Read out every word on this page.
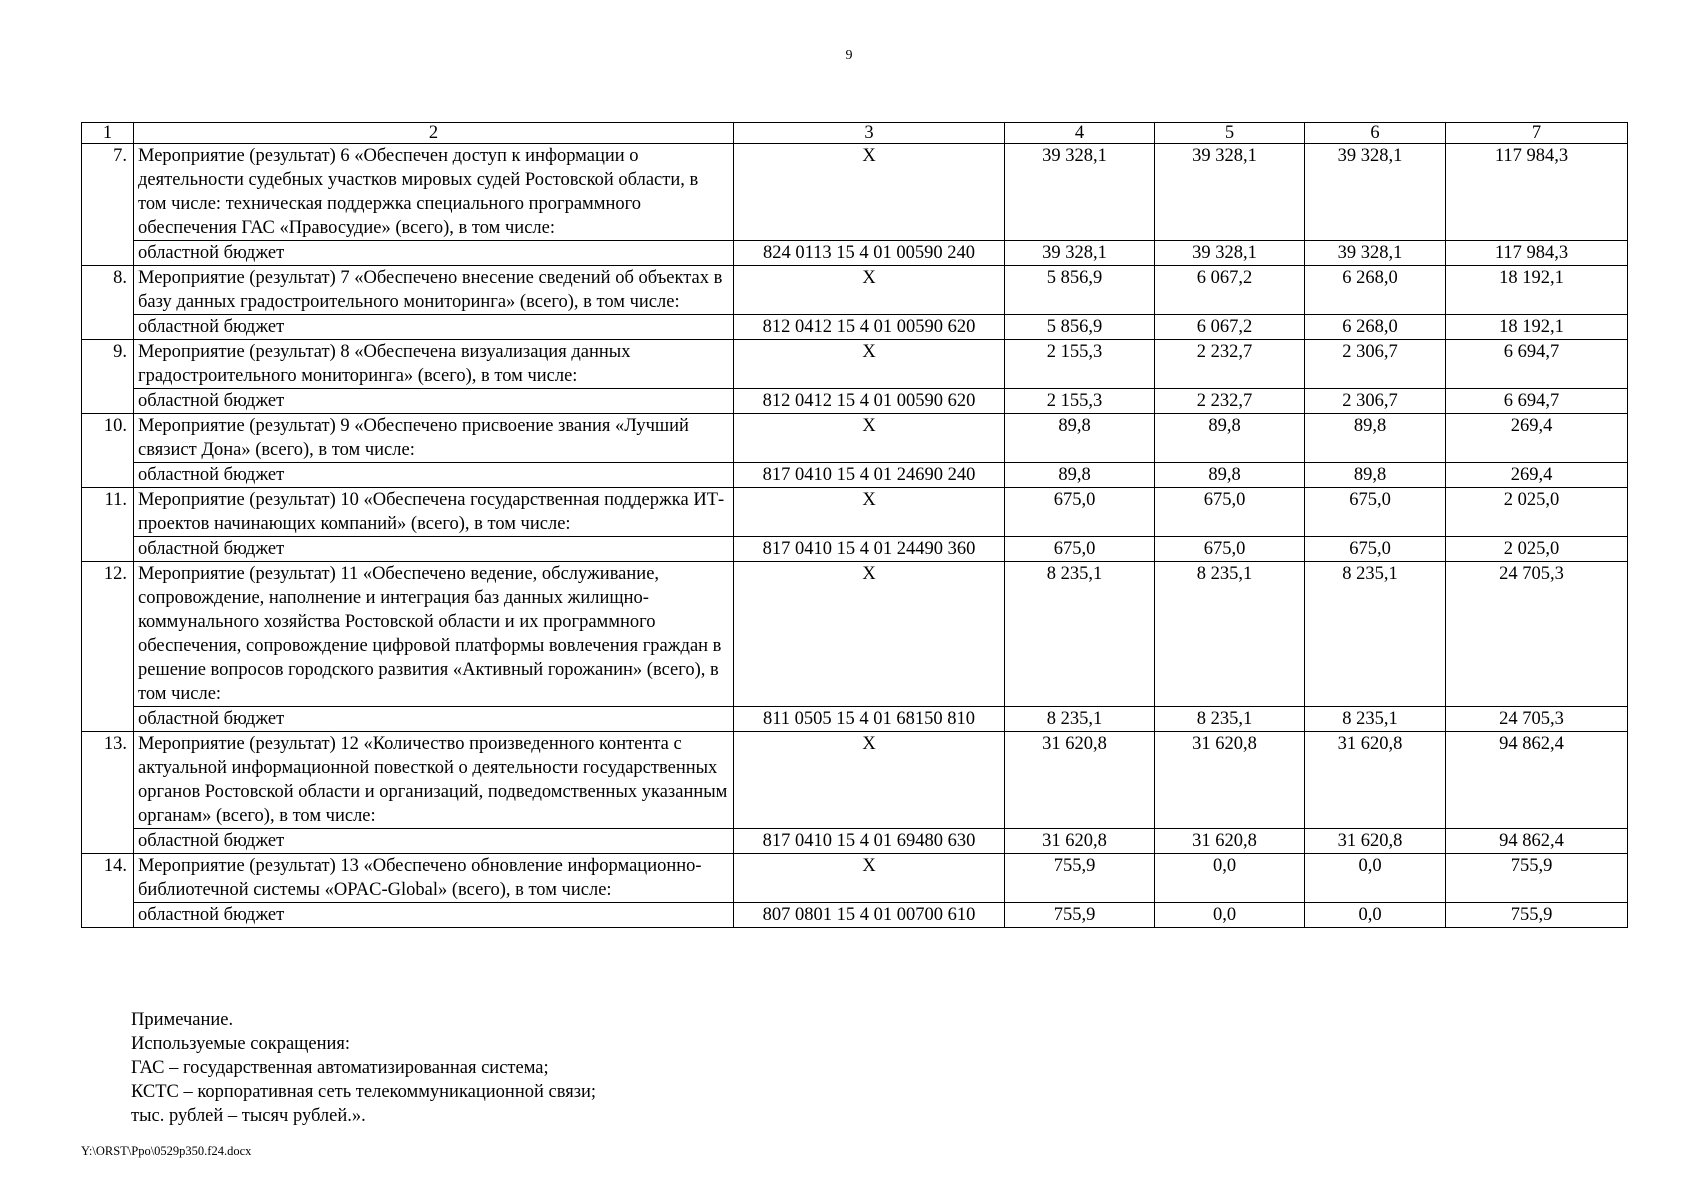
9
1	2	3	4	5	6	7
7.	Мероприятие (результат) 6 «Обеспечен доступ к информации о деятельности судебных участков мировых судей Ростовской области, в том числе: техническая поддержка специального программного обеспечения ГАС «Правосудие» (всего), в том числе:	Х	39 328,1	39 328,1	39 328,1	117 984,3
	областной бюджет	824 0113 15 4 01 00590 240	39 328,1	39 328,1	39 328,1	117 984,3
8.	Мероприятие (результат) 7 «Обеспечено внесение сведений об объектах в базу данных градостроительного мониторинга» (всего), в том числе:	Х	5 856,9	6 067,2	6 268,0	18 192,1
	областной бюджет	812 0412 15 4 01 00590 620	5 856,9	6 067,2	6 268,0	18 192,1
9.	Мероприятие (результат) 8 «Обеспечена визуализация данных градостроительного мониторинга» (всего), в том числе:	Х	2 155,3	2 232,7	2 306,7	6 694,7
	областной бюджет	812 0412 15 4 01 00590 620	2 155,3	2 232,7	2 306,7	6 694,7
10.	Мероприятие (результат) 9 «Обеспечено присвоение звания «Лучший связист Дона» (всего), в том числе:	Х	89,8	89,8	89,8	269,4
	областной бюджет	817 0410 15 4 01 24690 240	89,8	89,8	89,8	269,4
11.	Мероприятие (результат) 10 «Обеспечена государственная поддержка ИТ-проектов начинающих компаний» (всего), в том числе:	Х	675,0	675,0	675,0	2 025,0
	областной бюджет	817 0410 15 4 01 24490 360	675,0	675,0	675,0	2 025,0
12.	Мероприятие (результат) 11 «Обеспечено ведение, обслуживание, сопровождение, наполнение и интеграция баз данных жилищно-коммунального хозяйства Ростовской области и их программного обеспечения, сопровождение цифровой платформы вовлечения граждан в решение вопросов городского развития «Активный горожанин» (всего), в том числе:	Х	8 235,1	8 235,1	8 235,1	24 705,3
	областной бюджет	811 0505 15 4 01 68150 810	8 235,1	8 235,1	8 235,1	24 705,3
13.	Мероприятие (результат) 12 «Количество произведенного контента с актуальной информационной повесткой о деятельности государственных органов Ростовской области и организаций, подведомственных указанным органам» (всего), в том числе:	Х	31 620,8	31 620,8	31 620,8	94 862,4
	областной бюджет	817 0410 15 4 01 69480 630	31 620,8	31 620,8	31 620,8	94 862,4
14.	Мероприятие (результат) 13 «Обеспечено обновление информационно-библиотечной системы «OPAC-Global» (всего), в том числе:	Х	755,9	0,0	0,0	755,9
	областной бюджет	807 0801 15 4 01 00700 610	755,9	0,0	0,0	755,9
Примечание.
Используемые сокращения:
ГАС – государственная автоматизированная система;
КСТС – корпоративная сеть телекоммуникационной связи;
тыс. рублей – тысяч рублей.».
Y:\ORST\Ppo\0529p350.f24.docx
